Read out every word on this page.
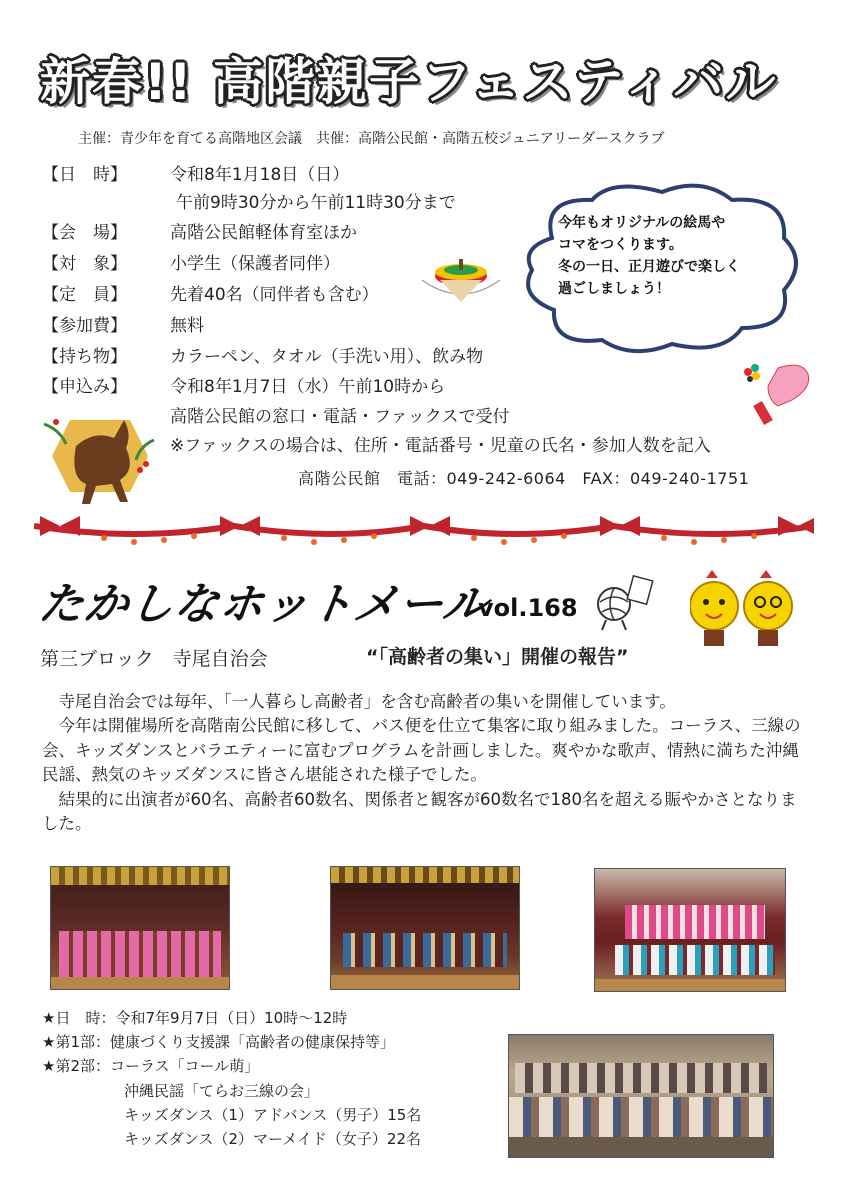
新春!! 高階親子フェスティバル
主催：青少年を育てる高階地区会議　共催：高階公民館・高階五校ジュニアリーダースクラブ
【日　時】	令和8年1月18日（日）
午前9時30分から午前11時30分まで
【会　場】	高階公民館軽体育室ほか
【対　象】	小学生（保護者同伴）
【定　員】	先着40名（同伴者も含む）
【参加費】	無料
【持ち物】	カラーペン、タオル（手洗い用）、飲み物
【申込み】	令和8年1月7日（水）午前10時から
高階公民館の窓口・電話・ファックスで受付
※ファックスの場合は、住所・電話番号・児童の氏名・参加人数を記入
高階公民館　電話：049-242-6064　FAX：049-240-1751
今年もオリジナルの絵馬や
コマをつくります。
冬の一日、正月遊びで楽しく
過ごしましょう！
たかしなホットメール
vol.168
第三ブロック　寺尾自治会	“「高齢者の集い」開催の報告”

寺尾自治会では毎年、「一人暮らし高齢者」を含む高齢者の集いを開催しています。

今年は開催場所を高階南公民館に移して、バス便を仕立て集客に取り組みました。コーラス、三線の会、キッズダンスとバラエティーに富むプログラムを計画しました。爽やかな歌声、情熱に満ちた沖縄民謡、熱気のキッズダンスに皆さん堪能された様子でした。

結果的に出演者が60名、高齢者60数名、関係者と観客が60数名で180名を超える賑やかさとなりました。

★日　時：令和7年9月7日（日）10時〜12時
★第1部：健康づくり支援課「高齢者の健康保持等」
★第2部：コーラス「コール萌」
沖縄民謡「てらお三線の会」
キッズダンス（1）アドバンス（男子）15名
キッズダンス（2）マーメイド（女子）22名
